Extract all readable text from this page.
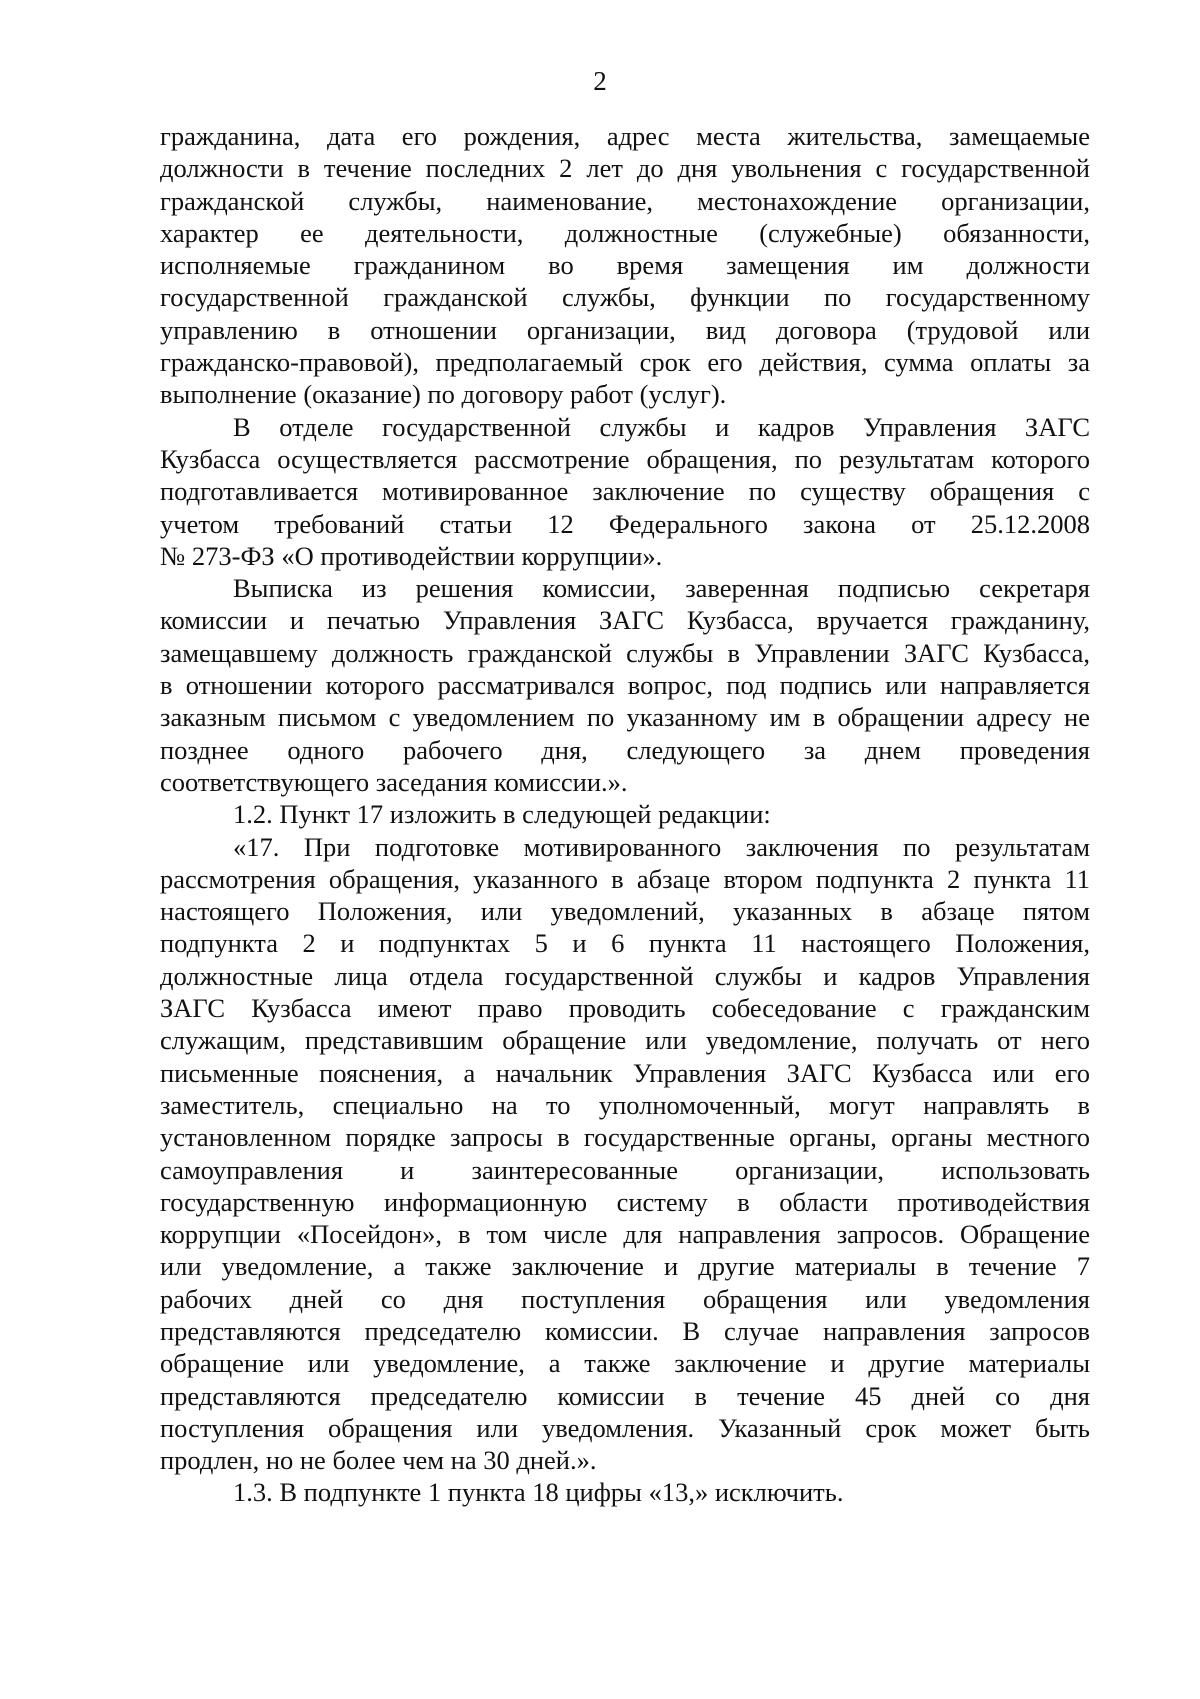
2
гражданина, дата его рождения, адрес места жительства, замещаемые
должности в течение последних 2 лет до дня увольнения с государственной
гражданской службы, наименование, местонахождение организации,
характер ее деятельности, должностные (служебные) обязанности,
исполняемые гражданином во время замещения им должности
государственной гражданской службы, функции по государственному
управлению в отношении организации, вид договора (трудовой или
гражданско-правовой), предполагаемый срок его действия, сумма оплаты за
выполнение (оказание) по договору работ (услуг).
В отделе государственной службы и кадров Управления ЗАГС
Кузбасса осуществляется рассмотрение обращения, по результатам которого
подготавливается мотивированное заключение по существу обращения с
учетом требований статьи 12 Федерального закона от 25.12.2008
№ 273-ФЗ «О противодействии коррупции».
Выписка из решения комиссии, заверенная подписью секретаря
комиссии и печатью Управления ЗАГС Кузбасса, вручается гражданину,
замещавшему должность гражданской службы в Управлении ЗАГС Кузбасса,
в отношении которого рассматривался вопрос, под подпись или направляется
заказным письмом с уведомлением по указанному им в обращении адресу не
позднее одного рабочего дня, следующего за днем проведения
соответствующего заседания комиссии.».
1.2. Пункт 17 изложить в следующей редакции:
«17. При подготовке мотивированного заключения по результатам
рассмотрения обращения, указанного в абзаце втором подпункта 2 пункта 11
настоящего Положения, или уведомлений, указанных в абзаце пятом
подпункта 2 и подпунктах 5 и 6 пункта 11 настоящего Положения,
должностные лица отдела государственной службы и кадров Управления
ЗАГС Кузбасса имеют право проводить собеседование с гражданским
служащим, представившим обращение или уведомление, получать от него
письменные пояснения, а начальник Управления ЗАГС Кузбасса или его
заместитель, специально на то уполномоченный, могут направлять в
установленном порядке запросы в государственные органы, органы местного
самоуправления и заинтересованные организации, использовать
государственную информационную систему в области противодействия
коррупции «Посейдон», в том числе для направления запросов. Обращение
или уведомление, а также заключение и другие материалы в течение 7
рабочих дней со дня поступления обращения или уведомления
представляются председателю комиссии. В случае направления запросов
обращение или уведомление, а также заключение и другие материалы
представляются председателю комиссии в течение 45 дней со дня
поступления обращения или уведомления. Указанный срок может быть
продлен, но не более чем на 30 дней.».
1.3. В подпункте 1 пункта 18 цифры «13,» исключить.
